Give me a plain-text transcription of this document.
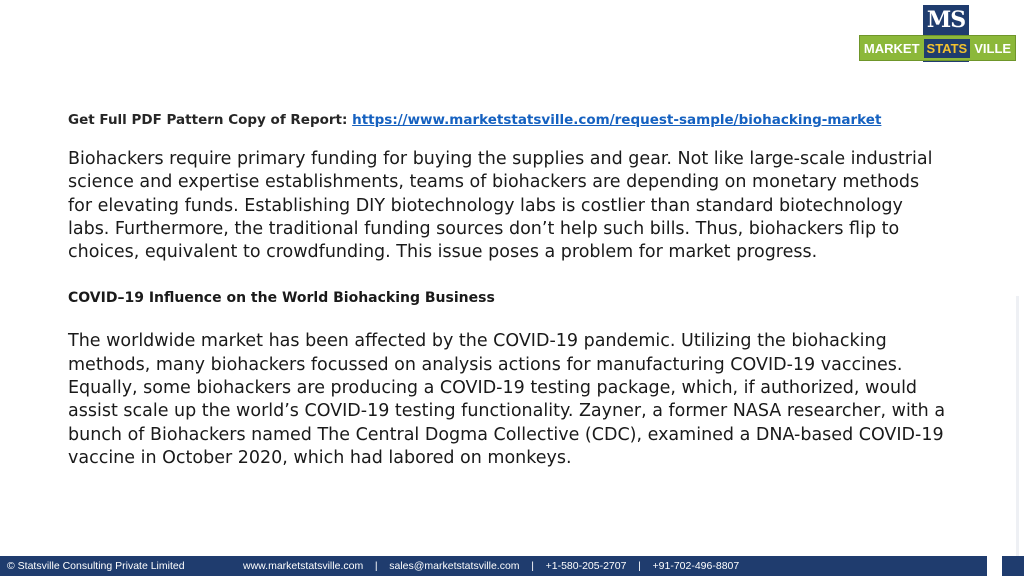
MS
MARKET STATS VILLE

Get Full PDF Pattern Copy of Report: https://www.marketstatsville.com/request-sample/biohacking-market

Biohackers require primary funding for buying the supplies and gear. Not like large-scale industrial science and expertise establishments, teams of biohackers are depending on monetary methods for elevating funds. Establishing DIY biotechnology labs is costlier than standard biotechnology labs. Furthermore, the traditional funding sources don’t help such bills. Thus, biohackers flip to choices, equivalent to crowdfunding. This issue poses a problem for market progress.

COVID–19 Influence on the World Biohacking Business

The worldwide market has been affected by the COVID-19 pandemic. Utilizing the biohacking methods, many biohackers focussed on analysis actions for manufacturing COVID-19 vaccines. Equally, some biohackers are producing a COVID-19 testing package, which, if authorized, would assist scale up the world’s COVID-19 testing functionality. Zayner, a former NASA researcher, with a bunch of Biohackers named The Central Dogma Collective (CDC), examined a DNA-based COVID-19 vaccine in October 2020, which had labored on monkeys.

© Statsville Consulting Private Limited	www.marketstatsville.com    |    sales@marketstatsville.com    |    +1-580-205-2707    |    +91-702-496-8807
